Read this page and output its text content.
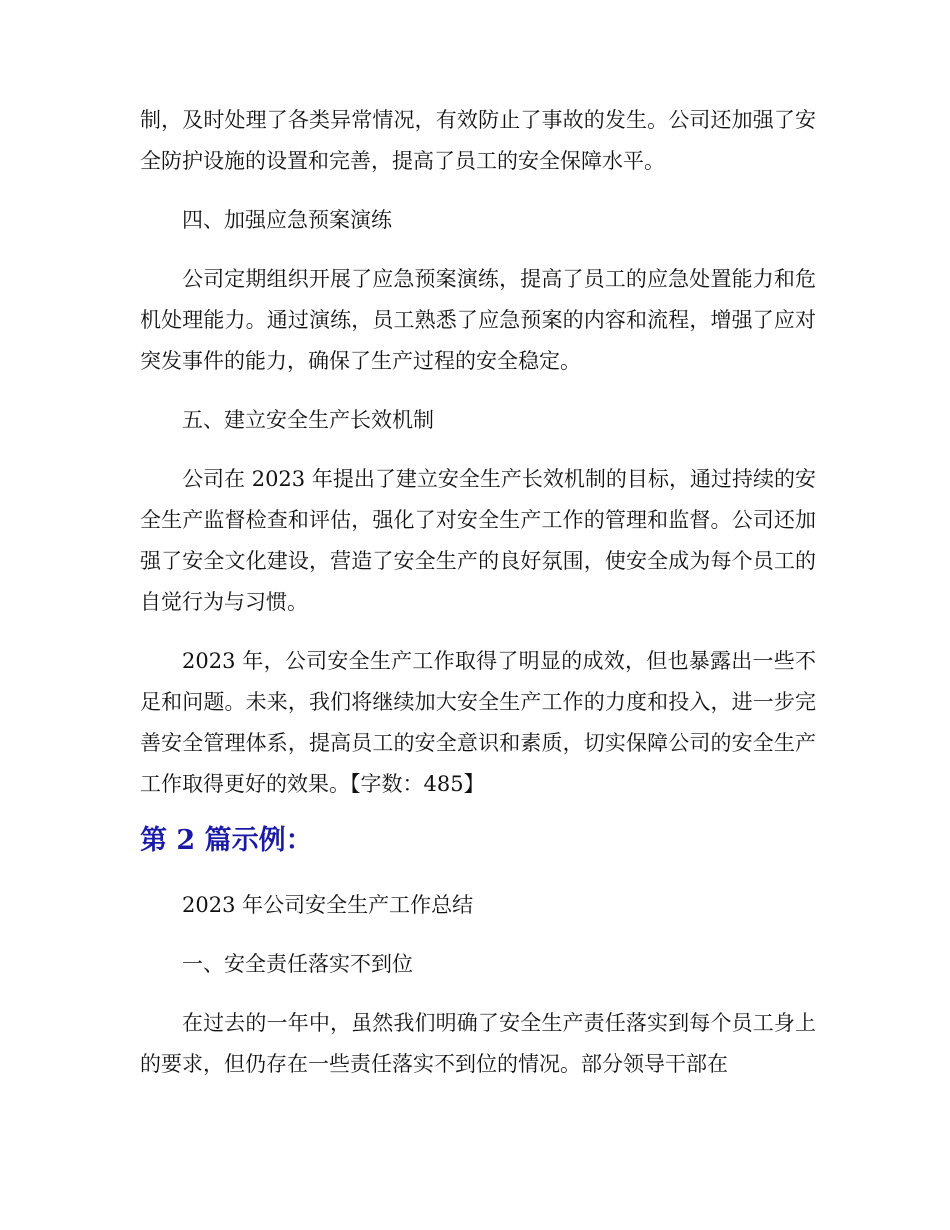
制，及时处理了各类异常情况，有效防止了事故的发生。公司还加强了安全防护设施的设置和完善，提高了员工的安全保障水平。

四、加强应急预案演练

公司定期组织开展了应急预案演练，提高了员工的应急处置能力和危机处理能力。通过演练，员工熟悉了应急预案的内容和流程，增强了应对突发事件的能力，确保了生产过程的安全稳定。

五、建立安全生产长效机制

公司在 2023 年提出了建立安全生产长效机制的目标，通过持续的安全生产监督检查和评估，强化了对安全生产工作的管理和监督。公司还加强了安全文化建设，营造了安全生产的良好氛围，使安全成为每个员工的自觉行为与习惯。

2023 年，公司安全生产工作取得了明显的成效，但也暴露出一些不足和问题。未来，我们将继续加大安全生产工作的力度和投入，进一步完善安全管理体系，提高员工的安全意识和素质，切实保障公司的安全生产工作取得更好的效果。【字数：485】

第 2 篇示例：

2023 年公司安全生产工作总结

一、安全责任落实不到位

在过去的一年中，虽然我们明确了安全生产责任落实到每个员工身上的要求，但仍存在一些责任落实不到位的情况。部分领导干部在
